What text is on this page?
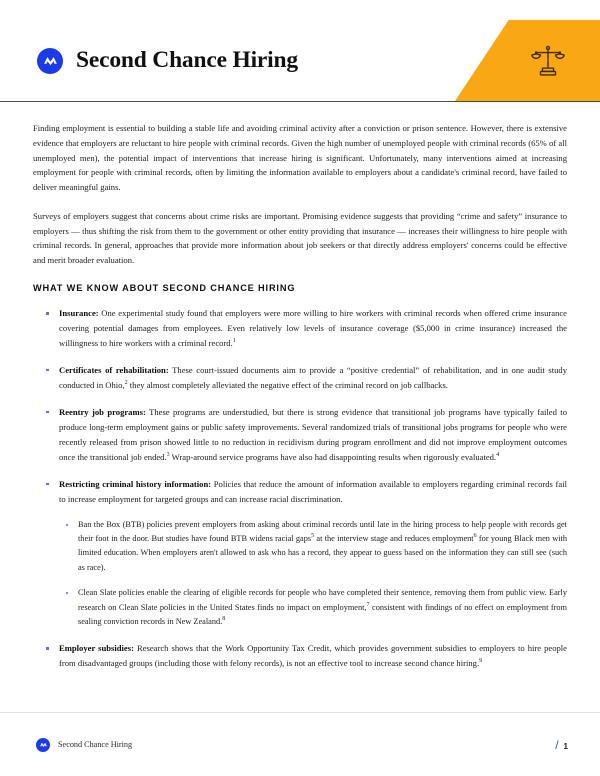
Second Chance Hiring

Finding employment is essential to building a stable life and avoiding criminal activity after a conviction or prison sentence. However, there is extensive evidence that employers are reluctant to hire people with criminal records. Given the high number of unemployed people with criminal records (65% of all unemployed men), the potential impact of interventions that increase hiring is significant. Unfortunately, many interventions aimed at increasing employment for people with criminal records, often by limiting the information available to employers about a candidate's criminal record, have failed to deliver meaningful gains.

Surveys of employers suggest that concerns about crime risks are important. Promising evidence suggests that providing “crime and safety” insurance to employers — thus shifting the risk from them to the government or other entity providing that insurance — increases their willingness to hire people with criminal records. In general, approaches that provide more information about job seekers or that directly address employers' concerns could be effective and merit broader evaluation.

WHAT WE KNOW ABOUT SECOND CHANCE HIRING
Insurance: One experimental study found that employers were more willing to hire workers with criminal records when offered crime insurance covering potential damages from employees. Even relatively low levels of insurance coverage ($5,000 in crime insurance) increased the willingness to hire workers with a criminal record.$^1$
Certificates of rehabilitation: These court-issued documents aim to provide a “positive credential” of rehabilitation, and in one audit study conducted in Ohio,$^2$ they almost completely alleviated the negative effect of the criminal record on job callbacks.
Reentry job programs: These programs are understudied, but there is strong evidence that transitional job programs have typically failed to produce long-term employment gains or public safety improvements. Several randomized trials of transitional jobs programs for people who were recently released from prison showed little to no reduction in recidivism during program enrollment and did not improve employment outcomes once the transitional job ended.$^3$ Wrap-around service programs have also had disappointing results when rigorously evaluated.$^4$
Restricting criminal history information: Policies that reduce the amount of information available to employers regarding criminal records fail to increase employment for targeted groups and can increase racial discrimination.
Ban the Box (BTB) policies prevent employers from asking about criminal records until late in the hiring process to help people with records get their foot in the door. But studies have found BTB widens racial gaps$^5$ at the interview stage and reduces employment$^6$ for young Black men with limited education. When employers aren't allowed to ask who has a record, they appear to guess based on the information they can still see (such as race).
Clean Slate policies enable the clearing of eligible records for people who have completed their sentence, removing them from public view. Early research on Clean Slate policies in the United States finds no impact on employment,$^7$ consistent with findings of no effect on employment from sealing conviction records in New Zealand.$^8$
Employer subsidies: Research shows that the Work Opportunity Tax Credit, which provides government subsidies to employers to hire people from disadvantaged groups (including those with felony records), is not an effective tool to increase second chance hiring.$^9$
Second Chance Hiring	/ 1
